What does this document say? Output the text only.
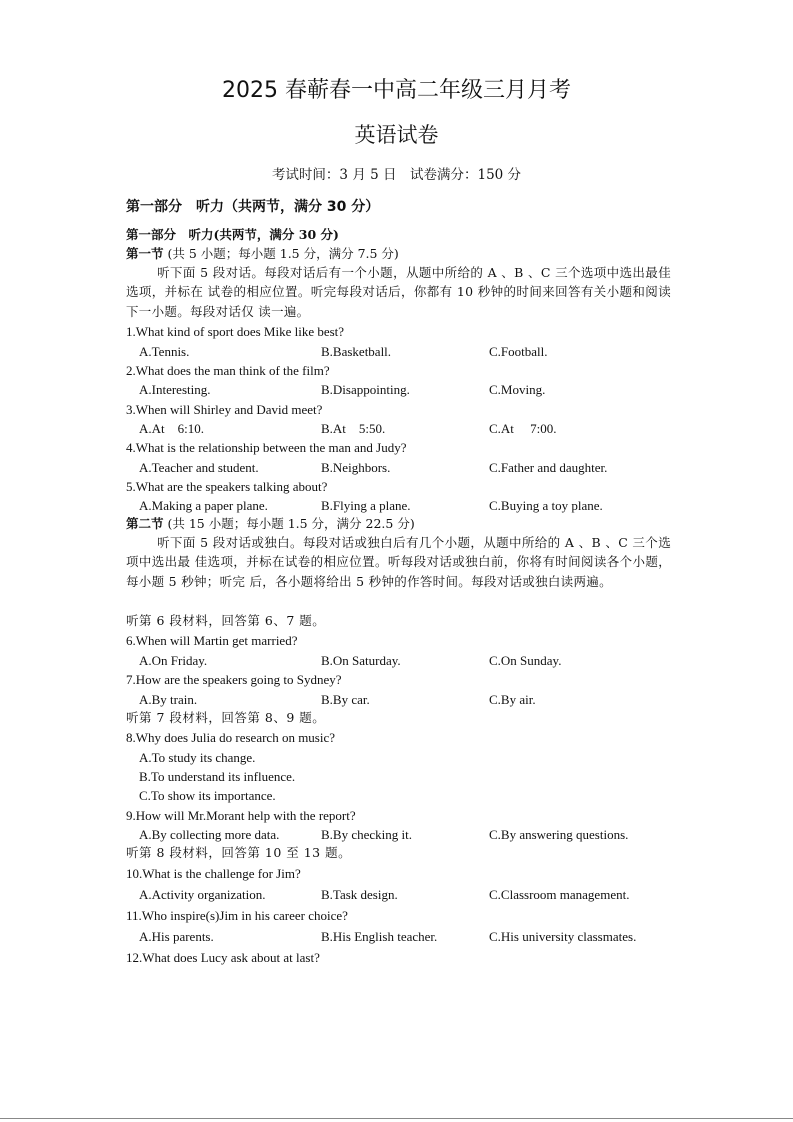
2025 春蕲春一中高二年级三月月考
英语试卷
考试时间：3 月 5 日　试卷满分：150 分
第一部分　听力（共两节，满分 30 分）
第一部分　听力(共两节，满分 30 分)
第一节 (共 5 小题；每小题 1.5 分，满分 7.5 分)
听下面 5 段对话。每段对话后有一个小题，从题中所给的 A 、B 、C 三个选项中选出最佳选项，并标在 试卷的相应位置。听完每段对话后，你都有 10 秒钟的时间来回答有关小题和阅读下一小题。每段对话仅 读一遍。
1.What kind of sport does Mike like best?
A.Tennis.	B.Basketball.	C.Football.
2.What does the man think of the film?
A.Interesting.	B.Disappointing.	C.Moving.
3.When will Shirley and David meet?
A.At　6:10.	B.At　5:50.	C.At　 7:00.
4.What is the relationship between the man and Judy?
A.Teacher and student.	B.Neighbors.	C.Father and daughter.
5.What are the speakers talking about?
A.Making a paper plane.	B.Flying a plane.	C.Buying a toy plane.
第二节 (共 15 小题；每小题 1.5 分，满分 22.5 分)
听下面 5 段对话或独白。每段对话或独白后有几个小题，从题中所给的 A 、B 、C 三个选项中选出最 佳选项，并标在试卷的相应位置。听每段对话或独白前，你将有时间阅读各个小题，每小题 5 秒钟；听完 后，各小题将给出 5 秒钟的作答时间。每段对话或独白读两遍。
听第 6 段材料，回答第 6、7 题。
6.When will Martin get married?
A.On Friday.	B.On Saturday.	C.On Sunday.
7.How are the speakers going to Sydney?
A.By train.	B.By car.	C.By air.
听第 7 段材料，回答第 8、9 题。
8.Why does Julia do research on music?
A.To study its change.
B.To understand its influence.
C.To show its importance.
9.How will Mr.Morant help with the report?
A.By collecting more data.	B.By checking it.	C.By answering questions.
听第 8 段材料，回答第 10 至 13 题。
10.What is the challenge for Jim?
A.Activity organization.	B.Task design.	C.Classroom management.
11.Who inspire(s)Jim in his career choice?
A.His parents.	B.His English teacher.	C.His university classmates.
12.What does Lucy ask about at last?
